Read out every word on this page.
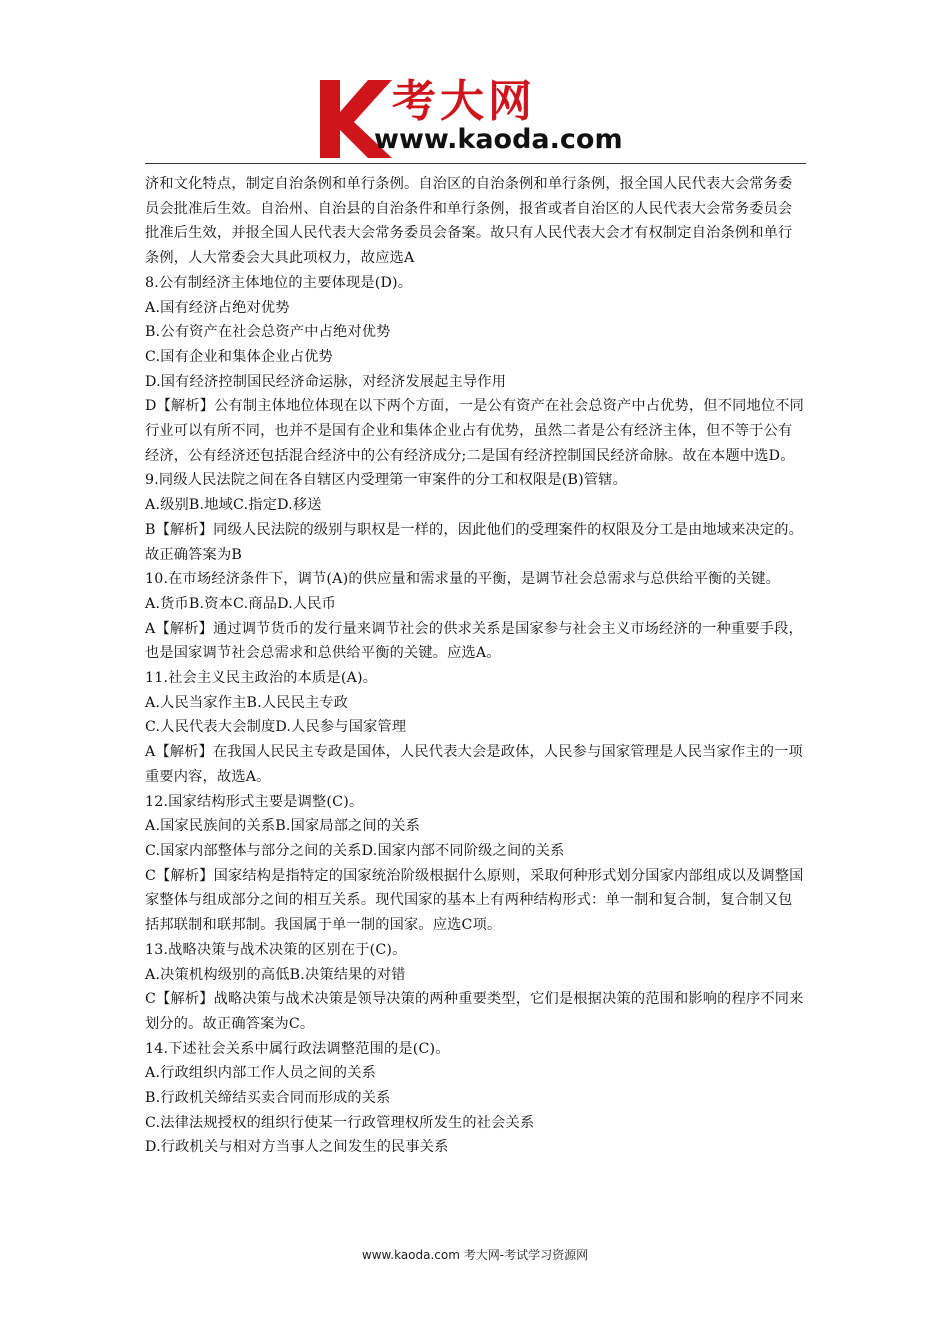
考大网
www.kaoda.com

济和文化特点，制定自治条例和单行条例。自治区的自治条例和单行条例，报全国人民代表大会常务委员会批准后生效。自治州、自治县的自治条件和单行条例，报省或者自治区的人民代表大会常务委员会批准后生效，并报全国人民代表大会常务委员会备案。故只有人民代表大会才有权制定自治条例和单行条例，人大常委会大具此项权力，故应选A

8.公有制经济主体地位的主要体现是(D)。

A.国有经济占绝对优势

B.公有资产在社会总资产中占绝对优势

C.国有企业和集体企业占优势

D.国有经济控制国民经济命运脉，对经济发展起主导作用

D【解析】公有制主体地位体现在以下两个方面，一是公有资产在社会总资产中占优势，但不同地位不同行业可以有所不同，也并不是国有企业和集体企业占有优势，虽然二者是公有经济主体，但不等于公有经济，公有经济还包括混合经济中的公有经济成分;二是国有经济控制国民经济命脉。故在本题中选D。

9.同级人民法院之间在各自辖区内受理第一审案件的分工和权限是(B)管辖。

A.级别B.地域C.指定D.移送

B【解析】同级人民法院的级别与职权是一样的，因此他们的受理案件的权限及分工是由地域来决定的。故正确答案为B

10.在市场经济条件下，调节(A)的供应量和需求量的平衡，是调节社会总需求与总供给平衡的关键。

A.货币B.资本C.商品D.人民币

A【解析】通过调节货币的发行量来调节社会的供求关系是国家参与社会主义市场经济的一种重要手段，也是国家调节社会总需求和总供给平衡的关键。应选A。

11.社会主义民主政治的本质是(A)。

A.人民当家作主B.人民民主专政

C.人民代表大会制度D.人民参与国家管理

A【解析】在我国人民民主专政是国体，人民代表大会是政体，人民参与国家管理是人民当家作主的一项重要内容，故选A。

12.国家结构形式主要是调整(C)。

A.国家民族间的关系B.国家局部之间的关系

C.国家内部整体与部分之间的关系D.国家内部不同阶级之间的关系

C【解析】国家结构是指特定的国家统治阶级根据什么原则，采取何种形式划分国家内部组成以及调整国家整体与组成部分之间的相互关系。现代国家的基本上有两种结构形式：单一制和复合制，复合制又包括邦联制和联邦制。我国属于单一制的国家。应选C项。

13.战略决策与战术决策的区别在于(C)。

A.决策机构级别的高低B.决策结果的对错

C【解析】战略决策与战术决策是领导决策的两种重要类型，它们是根据决策的范围和影响的程序不同来划分的。故正确答案为C。

14.下述社会关系中属行政法调整范围的是(C)。

A.行政组织内部工作人员之间的关系

B.行政机关缔结买卖合同而形成的关系

C.法律法规授权的组织行使某一行政管理权所发生的社会关系

D.行政机关与相对方当事人之间发生的民事关系

www.kaoda.com 考大网-考试学习资源网
